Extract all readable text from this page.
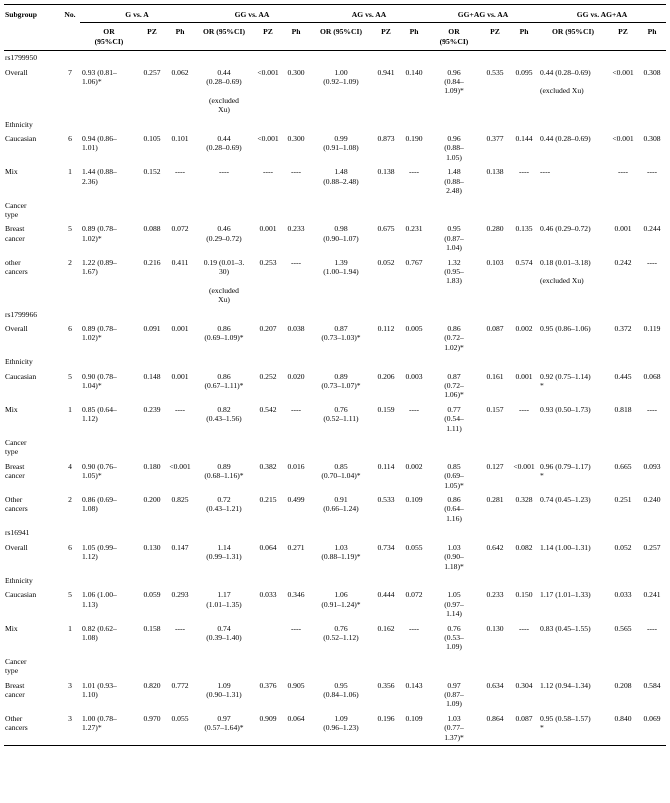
Subgroup	No.	G vs. A			GG vs. AA			AG vs. AA			GG+AG vs. AA			GG vs. AG+AA		
		OR
(95%CI)	PZ	Ph	OR (95%CI)	PZ	Ph	OR (95%CI)	PZ	Ph	OR
(95%CI)	PZ	Ph	OR (95%CI)	PZ	Ph
rs1799950																
Overall	7	0.93 (0.81–
1.06)*	0.257	0.062	0.44
(0.28–0.69)

(excluded
Xu)	<0.001	0.300	1.00
(0.92–1.09)	0.941	0.140	0.96
(0.84–
1.09)*	0.535	0.095	0.44 (0.28–0.69)

(excluded Xu)	<0.001	0.308
Ethnicity																
Caucasian	6	0.94 (0.86–
1.01)	0.105	0.101	0.44
(0.28–0.69)	<0.001	0.300	0.99
(0.91–1.08)	0.873	0.190	0.96
(0.88–
1.05)	0.377	0.144	0.44 (0.28–0.69)	<0.001	0.308
Mix	1	1.44 (0.88–
2.36)	0.152	----	----	----	----	1.48
(0.88–2.48)	0.138	----	1.48
(0.88–
2.48)	0.138	----	----	----	----
Cancer
type																
Breast
cancer	5	0.89 (0.78–
1.02)*	0.088	0.072	0.46
(0.29–0.72)	0.001	0.233	0.98
(0.90–1.07)	0.675	0.231	0.95
(0.87–
1.04)	0.280	0.135	0.46 (0.29–0.72)	0.001	0.244
other
cancers	2	1.22 (0.89–
1.67)	0.216	0.411	0.19 (0.01–3.
30)

(excluded
Xu)	0.253	----	1.39
(1.00–1.94)	0.052	0.767	1.32
(0.95–
1.83)	0.103	0.574	0.18 (0.01–3.18)

(excluded Xu)	0.242	----
rs1799966																
Overall	6	0.89 (0.78–
1.02)*	0.091	0.001	0.86
(0.69–1.09)*	0.207	0.038	0.87
(0.73–1.03)*	0.112	0.005	0.86
(0.72–
1.02)*	0.087	0.002	0.95 (0.86–1.06)	0.372	0.119
Ethnicity																
Caucasian	5	0.90 (0.78–
1.04)*	0.148	0.001	0.86
(0.67–1.11)*	0.252	0.020	0.89
(0.73–1.07)*	0.206	0.003	0.87
(0.72–
1.06)*	0.161	0.001	0.92 (0.75–1.14)
*	0.445	0.068
Mix	1	0.85 (0.64–
1.12)	0.239	----	0.82
(0.43–1.56)	0.542	----	0.76
(0.52–1.11)	0.159	----	0.77
(0.54–
1.11)	0.157	----	0.93 (0.50–1.73)	0.818	----
Cancer
type																
Breast
cancer	4	0.90 (0.76–
1.05)*	0.180	<0.001	0.89
(0.68–1.16)*	0.382	0.016	0.85
(0.70–1.04)*	0.114	0.002	0.85
(0.69–
1.05)*	0.127	<0.001	0.96 (0.79–1.17)
*	0.665	0.093
Other
cancers	2	0.86 (0.69–
1.08)	0.200	0.825	0.72
(0.43–1.21)	0.215	0.499	0.91
(0.66–1.24)	0.533	0.109	0.86
(0.64–
1.16)	0.281	0.328	0.74 (0.45–1.23)	0.251	0.240
rs16941																
Overall	6	1.05 (0.99–
1.12)	0.130	0.147	1.14
(0.99–1.31)	0.064	0.271	1.03
(0.88–1.19)*	0.734	0.055	1.03
(0.90–
1.18)*	0.642	0.082	1.14 (1.00–1.31)	0.052	0.257
Ethnicity																
Caucasian	5	1.06 (1.00–
1.13)	0.059	0.293	1.17
(1.01–1.35)	0.033	0.346	1.06
(0.91–1.24)*	0.444	0.072	1.05
(0.97–
1.14)	0.233	0.150	1.17 (1.01–1.33)	0.033	0.241
Mix	1	0.82 (0.62–
1.08)	0.158	----	0.74
(0.39–1.40)		----	0.76
(0.52–1.12)	0.162	----	0.76
(0.53–
1.09)	0.130	----	0.83 (0.45–1.55)	0.565	----
Cancer
type																
Breast
cancer	3	1.01 (0.93–
1.10)	0.820	0.772	1.09
(0.90–1.31)	0.376	0.905	0.95
(0.84–1.06)	0.356	0.143	0.97
(0.87–
1.09)	0.634	0.304	1.12 (0.94–1.34)	0.208	0.584
Other
cancers	3	1.00 (0.78–
1.27)*	0.970	0.055	0.97
(0.57–1.64)*	0.909	0.064	1.09
(0.96–1.23)	0.196	0.109	1.03
(0.77–
1.37)*	0.864	0.087	0.95 (0.58–1.57)
*	0.840	0.069
